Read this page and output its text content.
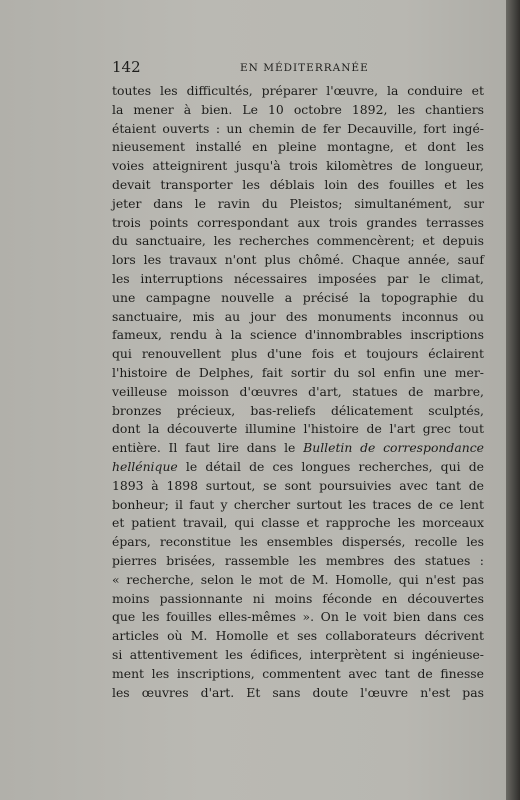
142	EN MÉDITERRANÉE
toutes les difficultés, préparer l'œuvre, la conduire et
la mener à bien. Le 10 octobre 1892, les chantiers
étaient ouverts : un chemin de fer Decauville, fort ingé-
nieusement installé en pleine montagne, et dont les
voies atteignirent jusqu'à trois kilomètres de longueur,
devait transporter les déblais loin des fouilles et les
jeter dans le ravin du Pleistos; simultanément, sur
trois points correspondant aux trois grandes terrasses
du sanctuaire, les recherches commencèrent; et depuis
lors les travaux n'ont plus chômé. Chaque année, sauf
les interruptions nécessaires imposées par le climat,
une campagne nouvelle a précisé la topographie du
sanctuaire, mis au jour des monuments inconnus ou
fameux, rendu à la science d'innombrables inscriptions
qui renouvellent plus d'une fois et toujours éclairent
l'histoire de Delphes, fait sortir du sol enfin une mer-
veilleuse moisson d'œuvres d'art, statues de marbre,
bronzes précieux, bas-reliefs délicatement sculptés,
dont la découverte illumine l'histoire de l'art grec tout
entière. Il faut lire dans le Bulletin de correspondance
hellénique le détail de ces longues recherches, qui de
1893 à 1898 surtout, se sont poursuivies avec tant de
bonheur; il faut y chercher surtout les traces de ce lent
et patient travail, qui classe et rapproche les morceaux
épars, reconstitue les ensembles dispersés, recolle les
pierres brisées, rassemble les membres des statues :
« recherche, selon le mot de M. Homolle, qui n'est pas
moins passionnante ni moins féconde en découvertes
que les fouilles elles-mêmes ». On le voit bien dans ces
articles où M. Homolle et ses collaborateurs décrivent
si attentivement les édifices, interprètent si ingénieuse-
ment les inscriptions, commentent avec tant de finesse
les œuvres d'art. Et sans doute l'œuvre n'est pas
